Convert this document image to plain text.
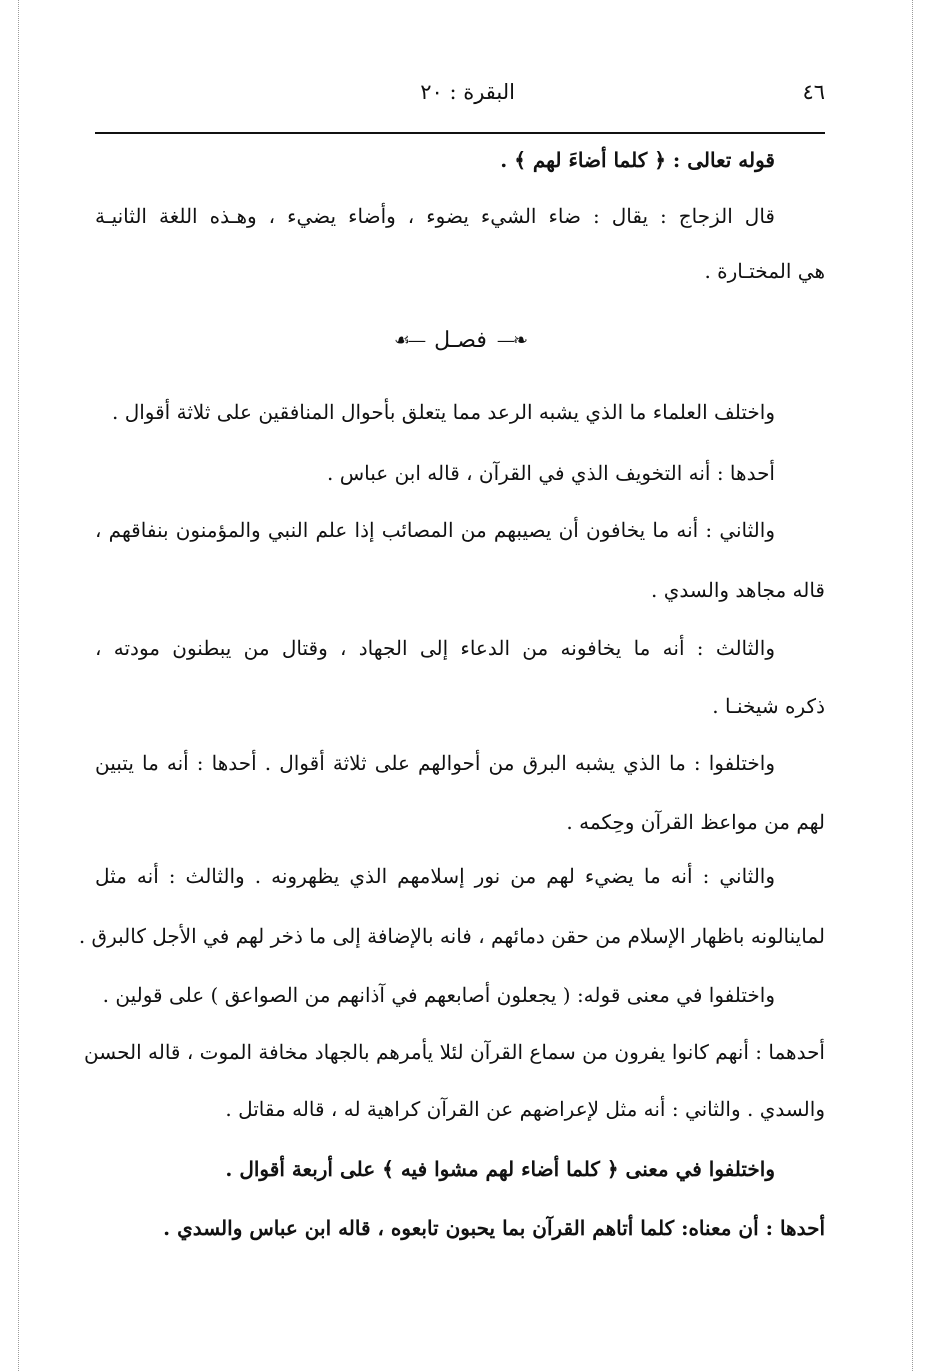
٤٦
البقرة : ٢٠
قوله تعالى : ﴿ كلما أضاءَ لهم ﴾ .
قال الزجاج : يقال : ضاء الشيء يضوء ، وأضاء يضيء ، وهـذه اللغة الثانيـة
هي المختـارة .
❧—
فصـل
—☙
واختلف العلماء ما الذي يشبه الرعد مما يتعلق بأحوال المنافقين على ثلاثة أقوال .
أحدها : أنه التخويف الذي في القرآن ، قاله ابن عباس .
والثاني : أنه ما يخافون أن يصيبهم من المصائب إذا علم النبي والمؤمنون بنفاقهم ،
قاله مجاهد والسدي .
والثالث : أنه ما يخافونه من الدعاء إلى الجهاد ، وقتال من يبطنون مودته ،
ذكره شيخنـا .
واختلفوا : ما الذي يشبه البرق من أحوالهم على ثلاثة أقوال . أحدها : أنه ما يتبين
لهم من مواعظ القرآن وحِكمه .
والثاني : أنه ما يضيء لهم من نور إسلامهم الذي يظهرونه . والثالث : أنه مثل
لماينالونه باظهار الإسلام من حقن دمائهم ، فانه بالإضافة إلى ما ذخر لهم في الأجل كالبرق .
واختلفوا في معنى قوله: ( يجعلون أصابعهم في آذانهم من الصواعق ) على قولين .
أحدهما : أنهم كانوا يفرون من سماع القرآن لئلا يأمرهم بالجهاد مخافة الموت ، قاله الحسن
والسدي . والثاني : أنه مثل لإعراضهم عن القرآن كراهية له ، قاله مقاتل .
واختلفوا في معنى ﴿ كلما أضاء لهم مشوا فيه ﴾ على أربعة أقوال .
أحدها : أن معناه: كلما أتاهم القرآن بما يحبون تابعوه ، قاله ابن عباس والسدي .
